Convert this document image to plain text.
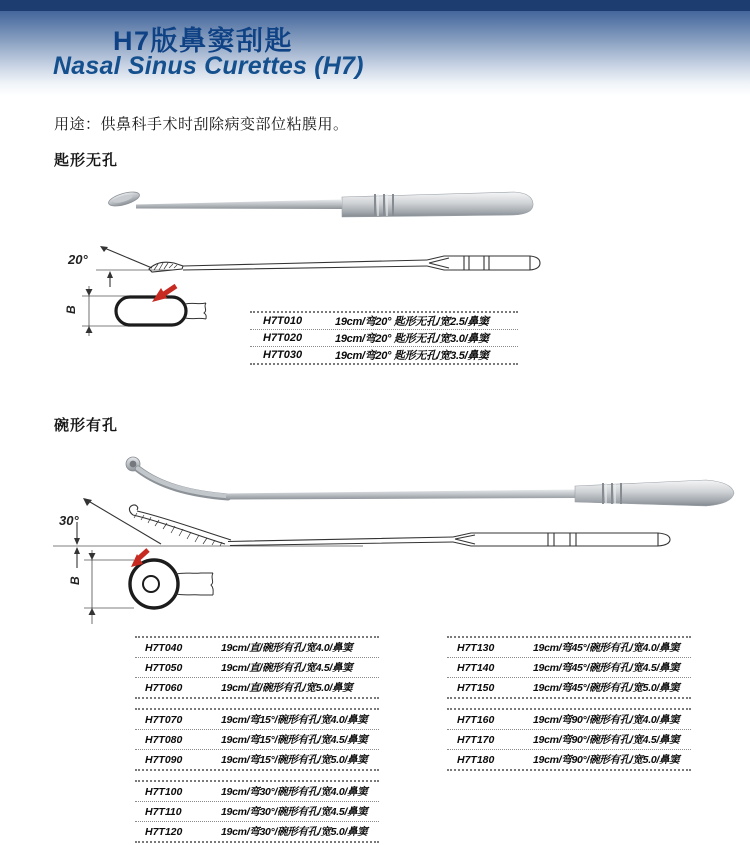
H7版鼻窦刮匙
Nasal Sinus Curettes (H7)
用途：供鼻科手术时刮除病变部位粘膜用。
匙形无孔
20°
B
H7T010	19cm/弯20° 匙形无孔/宽2.5/鼻窦
H7T020	19cm/弯20° 匙形无孔/宽3.0/鼻窦
H7T030	19cm/弯20° 匙形无孔/宽3.5/鼻窦
碗形有孔
30°
B
H7T040	19cm/直/碗形有孔/宽4.0/鼻窦
H7T050	19cm/直/碗形有孔/宽4.5/鼻窦
H7T060	19cm/直/碗形有孔/宽5.0/鼻窦
H7T130	19cm/弯45°/碗形有孔/宽4.0/鼻窦
H7T140	19cm/弯45°/碗形有孔/宽4.5/鼻窦
H7T150	19cm/弯45°/碗形有孔/宽5.0/鼻窦
H7T070	19cm/弯15°/碗形有孔/宽4.0/鼻窦
H7T080	19cm/弯15°/碗形有孔/宽4.5/鼻窦
H7T090	19cm/弯15°/碗形有孔/宽5.0/鼻窦
H7T160	19cm/弯90°/碗形有孔/宽4.0/鼻窦
H7T170	19cm/弯90°/碗形有孔/宽4.5/鼻窦
H7T180	19cm/弯90°/碗形有孔/宽5.0/鼻窦
H7T100	19cm/弯30°/碗形有孔/宽4.0/鼻窦
H7T110	19cm/弯30°/碗形有孔/宽4.5/鼻窦
H7T120	19cm/弯30°/碗形有孔/宽5.0/鼻窦
